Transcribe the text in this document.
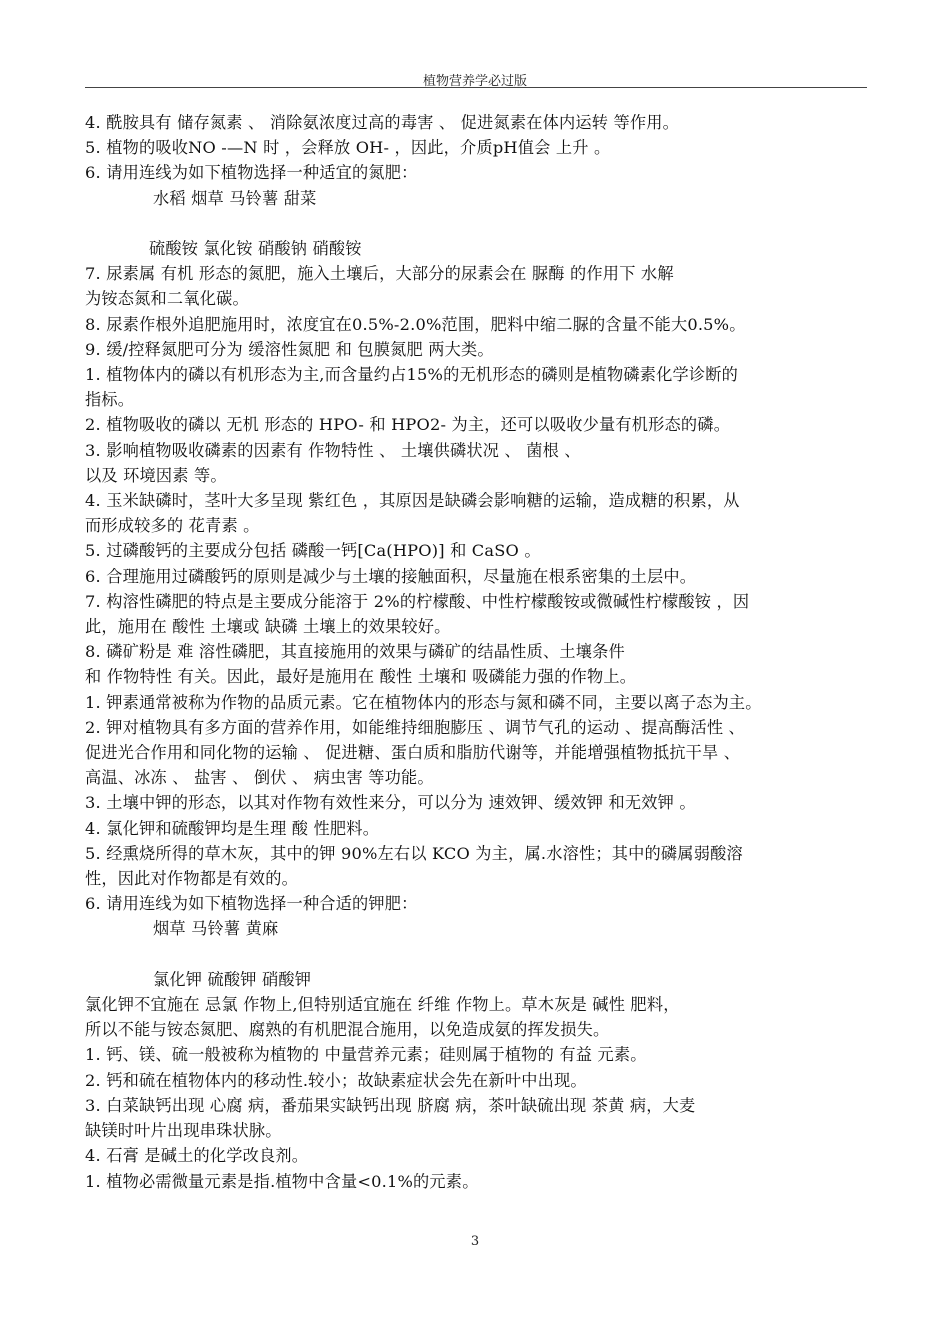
植物营养学必过版
4. 酰胺具有 储存氮素 、 消除氨浓度过高的毒害 、 促进氮素在体内运转 等作用。
5. 植物的吸收NO -—N 时 ，会释放 OH- ，因此，介质pH值会 上升 。
6. 请用连线为如下植物选择一种适宜的氮肥：
水稻 烟草 马铃薯 甜菜
硫酸铵 氯化铵 硝酸钠 硝酸铵
7. 尿素属 有机 形态的氮肥，施入土壤后，大部分的尿素会在 脲酶 的作用下 水解
为铵态氮和二氧化碳。
8. 尿素作根外追肥施用时，浓度宜在0.5%-2.0%范围，肥料中缩二脲的含量不能大0.5%。
9. 缓/控释氮肥可分为 缓溶性氮肥 和 包膜氮肥 两大类。
1. 植物体内的磷以有机形态为主,而含量约占15%的无机形态的磷则是植物磷素化学诊断的
指标。
2. 植物吸收的磷以 无机 形态的 HPO- 和 HPO2- 为主，还可以吸收少量有机形态的磷。
3. 影响植物吸收磷素的因素有 作物特性 、 土壤供磷状况 、 菌根 、
以及 环境因素 等。
4. 玉米缺磷时，茎叶大多呈现 紫红色 ，其原因是缺磷会影响糖的运输，造成糖的积累，从
而形成较多的 花青素 。
5. 过磷酸钙的主要成分包括 磷酸一钙[Ca(HPO)] 和 CaSO 。
6. 合理施用过磷酸钙的原则是减少与土壤的接触面积，尽量施在根系密集的土层中。
7. 构溶性磷肥的特点是主要成分能溶于 2%的柠檬酸、中性柠檬酸铵或微碱性柠檬酸铵 ，因
此，施用在 酸性 土壤或 缺磷 土壤上的效果较好。
8. 磷矿粉是 难 溶性磷肥，其直接施用的效果与磷矿的结晶性质、土壤条件
和 作物特性 有关。因此，最好是施用在 酸性 土壤和 吸磷能力强的作物上。
1. 钾素通常被称为作物的品质元素。它在植物体内的形态与氮和磷不同，主要以离子态为主。
2. 钾对植物具有多方面的营养作用，如能维持细胞膨压 、调节气孔的运动 、提高酶活性 、
促进光合作用和同化物的运输 、 促进糖、蛋白质和脂肪代谢等，并能增强植物抵抗干旱 、
高温、冰冻 、 盐害 、 倒伏 、 病虫害 等功能。
3. 土壤中钾的形态，以其对作物有效性来分，可以分为 速效钾、缓效钾 和无效钾 。
4. 氯化钾和硫酸钾均是生理 酸 性肥料。
5. 经熏烧所得的草木灰，其中的钾 90%左右以 KCO 为主，属.水溶性；其中的磷属弱酸溶
性，因此对作物都是有效的。
6. 请用连线为如下植物选择一种合适的钾肥：
烟草 马铃薯 黄麻
氯化钾 硫酸钾 硝酸钾
氯化钾不宜施在 忌氯 作物上,但特别适宜施在 纤维 作物上。草木灰是 碱性 肥料，
所以不能与铵态氮肥、腐熟的有机肥混合施用，以免造成氨的挥发损失。
1. 钙、镁、硫一般被称为植物的 中量营养元素；硅则属于植物的 有益 元素。
2. 钙和硫在植物体内的移动性.较小；故缺素症状会先在新叶中出现。
3. 白菜缺钙出现 心腐 病，番茄果实缺钙出现 脐腐 病，茶叶缺硫出现 茶黄 病，大麦
缺镁时叶片出现串珠状脉。
4. 石膏 是碱土的化学改良剂。
1. 植物必需微量元素是指.植物中含量<0.1%的元素。
3
